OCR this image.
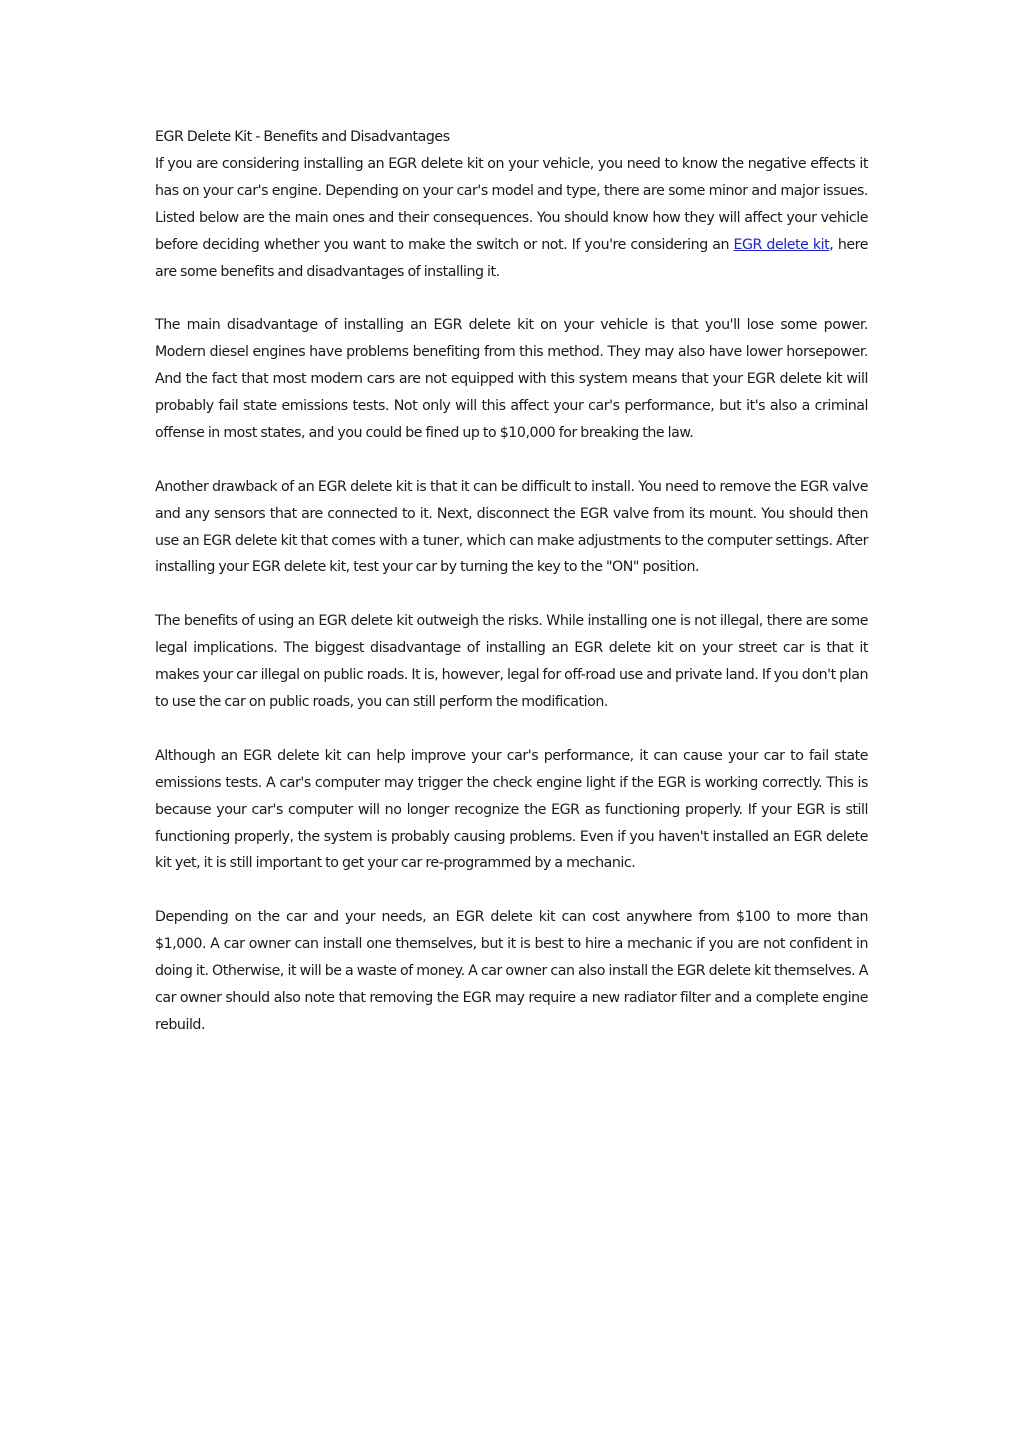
EGR Delete Kit - Benefits and Disadvantages

If you are considering installing an EGR delete kit on your vehicle, you need to know the negative effects it has on your car's engine. Depending on your car's model and type, there are some minor and major issues. Listed below are the main ones and their consequences. You should know how they will affect your vehicle before deciding whether you want to make the switch or not. If you're considering an EGR delete kit, here are some benefits and disadvantages of installing it.

The main disadvantage of installing an EGR delete kit on your vehicle is that you'll lose some power. Modern diesel engines have problems benefiting from this method. They may also have lower horsepower. And the fact that most modern cars are not equipped with this system means that your EGR delete kit will probably fail state emissions tests. Not only will this affect your car's performance, but it's also a criminal offense in most states, and you could be fined up to $10,000 for breaking the law.

Another drawback of an EGR delete kit is that it can be difficult to install. You need to remove the EGR valve and any sensors that are connected to it. Next, disconnect the EGR valve from its mount. You should then use an EGR delete kit that comes with a tuner, which can make adjustments to the computer settings. After installing your EGR delete kit, test your car by turning the key to the "ON" position.

The benefits of using an EGR delete kit outweigh the risks. While installing one is not illegal, there are some legal implications. The biggest disadvantage of installing an EGR delete kit on your street car is that it makes your car illegal on public roads. It is, however, legal for off-road use and private land. If you don't plan to use the car on public roads, you can still perform the modification.

Although an EGR delete kit can help improve your car's performance, it can cause your car to fail state emissions tests. A car's computer may trigger the check engine light if the EGR is working correctly. This is because your car's computer will no longer recognize the EGR as functioning properly. If your EGR is still functioning properly, the system is probably causing problems. Even if you haven't installed an EGR delete kit yet, it is still important to get your car re-programmed by a mechanic.

Depending on the car and your needs, an EGR delete kit can cost anywhere from $100 to more than $1,000. A car owner can install one themselves, but it is best to hire a mechanic if you are not confident in doing it. Otherwise, it will be a waste of money. A car owner can also install the EGR delete kit themselves. A car owner should also note that removing the EGR may require a new radiator filter and a complete engine rebuild.
